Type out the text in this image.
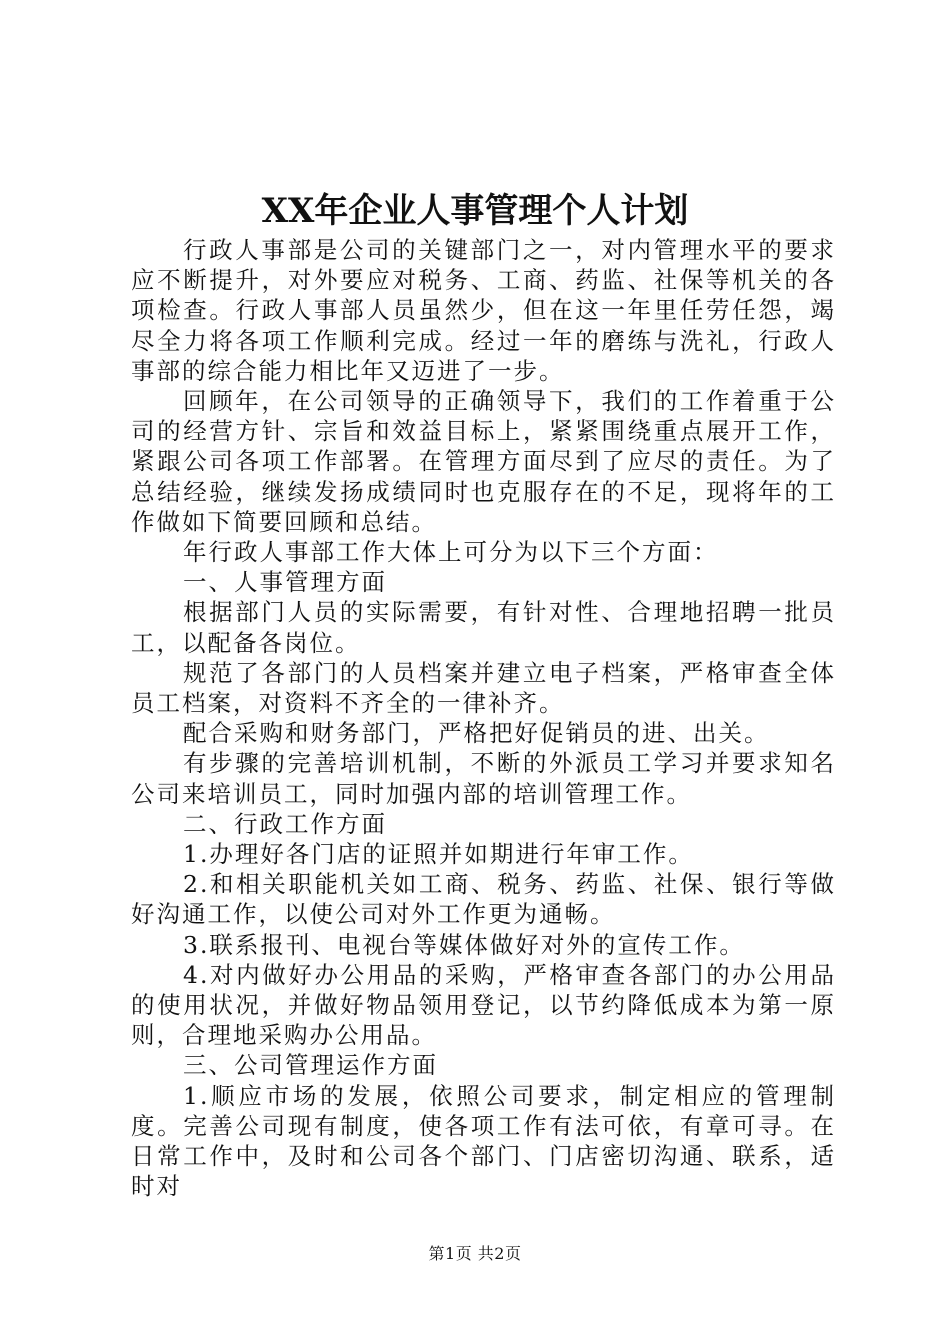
XX年企业人事管理个人计划

行政人事部是公司的关键部门之一，对内管理水平的要求应不断提升，对外要应对税务、工商、药监、社保等机关的各项检查。行政人事部人员虽然少，但在这一年里任劳任怨，竭尽全力将各项工作顺利完成。经过一年的磨练与洗礼，行政人事部的综合能力相比年又迈进了一步。

回顾年，在公司领导的正确领导下，我们的工作着重于公司的经营方针、宗旨和效益目标上，紧紧围绕重点展开工作，紧跟公司各项工作部署。在管理方面尽到了应尽的责任。为了总结经验，继续发扬成绩同时也克服存在的不足，现将年的工作做如下简要回顾和总结。

年行政人事部工作大体上可分为以下三个方面：

一、人事管理方面

根据部门人员的实际需要，有针对性、合理地招聘一批员工，以配备各岗位。

规范了各部门的人员档案并建立电子档案，严格审查全体员工档案，对资料不齐全的一律补齐。

配合采购和财务部门，严格把好促销员的进、出关。

有步骤的完善培训机制，不断的外派员工学习并要求知名公司来培训员工，同时加强内部的培训管理工作。

二、行政工作方面

1.办理好各门店的证照并如期进行年审工作。

2.和相关职能机关如工商、税务、药监、社保、银行等做好沟通工作，以使公司对外工作更为通畅。

3.联系报刊、电视台等媒体做好对外的宣传工作。

4.对内做好办公用品的采购，严格审查各部门的办公用品的使用状况，并做好物品领用登记，以节约降低成本为第一原则，合理地采购办公用品。

三、公司管理运作方面

1.顺应市场的发展，依照公司要求，制定相应的管理制度。完善公司现有制度，使各项工作有法可依，有章可寻。在日常工作中，及时和公司各个部门、门店密切沟通、联系，适时对

第1页 共2页
